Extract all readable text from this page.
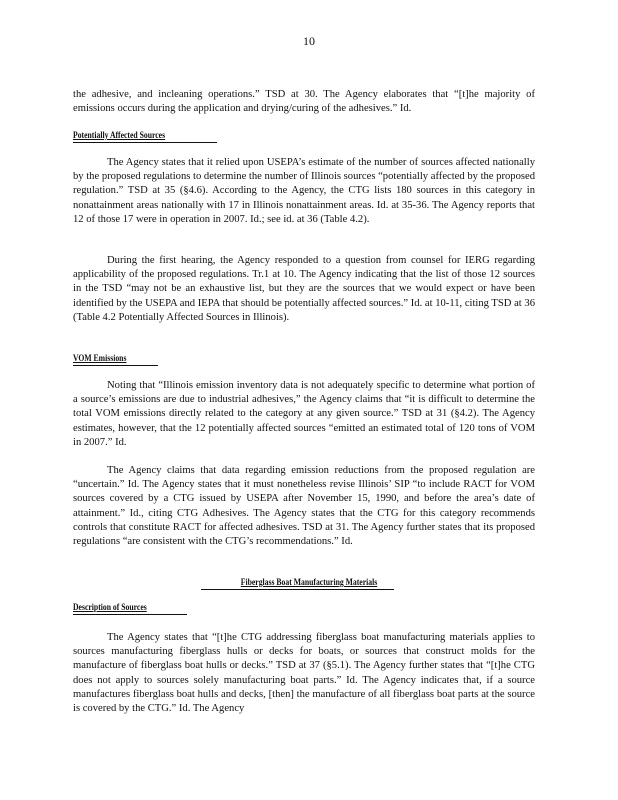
10

the adhesive, and incleaning operations.” TSD at 30. The Agency elaborates that “[t]he majority of emissions occurs during the application and drying/curing of the adhesives.” Id.

Potentially Affected Sources

The Agency states that it relied upon USEPA’s estimate of the number of sources affected nationally by the proposed regulations to determine the number of Illinois sources “potentially affected by the proposed regulation.” TSD at 35 (§4.6). According to the Agency, the CTG lists 180 sources in this category in nonattainment areas nationally with 17 in Illinois nonattainment areas. Id. at 35-36. The Agency reports that 12 of those 17 were in operation in 2007. Id.; see id. at 36 (Table 4.2).

During the first hearing, the Agency responded to a question from counsel for IERG regarding applicability of the proposed regulations. Tr.1 at 10. The Agency indicating that the list of those 12 sources in the TSD “may not be an exhaustive list, but they are the sources that we would expect or have been identified by the USEPA and IEPA that should be potentially affected sources.” Id. at 10-11, citing TSD at 36 (Table 4.2 Potentially Affected Sources in Illinois).

VOM Emissions

Noting that “Illinois emission inventory data is not adequately specific to determine what portion of a source’s emissions are due to industrial adhesives,” the Agency claims that “it is difficult to determine the total VOM emissions directly related to the category at any given source.” TSD at 31 (§4.2). The Agency estimates, however, that the 12 potentially affected sources “emitted an estimated total of 120 tons of VOM in 2007.” Id.

The Agency claims that data regarding emission reductions from the proposed regulation are “uncertain.” Id. The Agency states that it must nonetheless revise Illinois’ SIP “to include RACT for VOM sources covered by a CTG issued by USEPA after November 15, 1990, and before the area’s date of attainment.” Id., citing CTG Adhesives. The Agency states that the CTG for this category recommends controls that constitute RACT for affected adhesives. TSD at 31. The Agency further states that its proposed regulations “are consistent with the CTG’s recommendations.” Id.

Fiberglass Boat Manufacturing Materials
Description of Sources

The Agency states that “[t]he CTG addressing fiberglass boat manufacturing materials applies to sources manufacturing fiberglass hulls or decks for boats, or sources that construct molds for the manufacture of fiberglass boat hulls or decks.” TSD at 37 (§5.1). The Agency further states that “[t]he CTG does not apply to sources solely manufacturing boat parts.” Id. The Agency indicates that, if a source manufactures fiberglass boat hulls and decks, [then] the manufacture of all fiberglass boat parts at the source is covered by the CTG.” Id. The Agency
